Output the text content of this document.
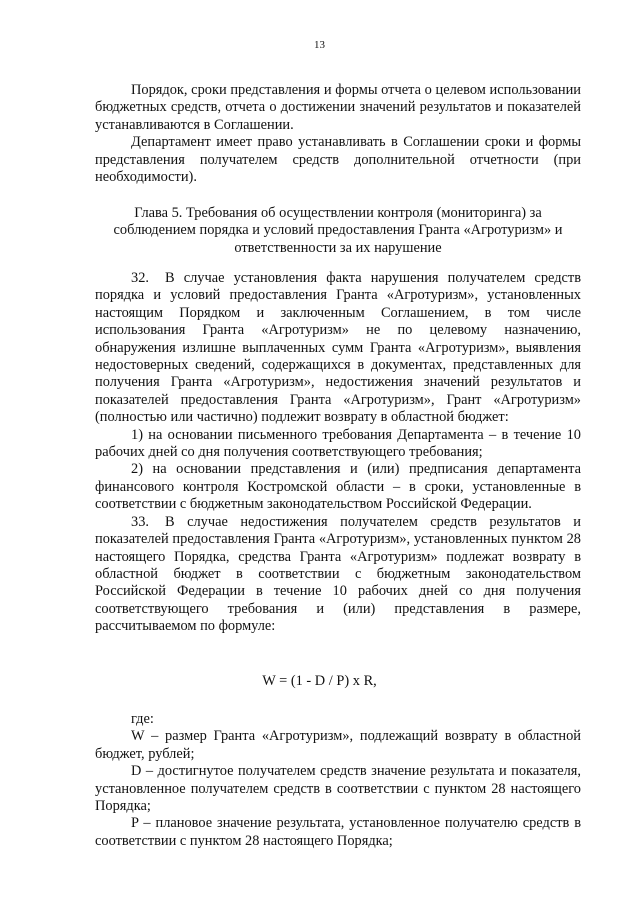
13

Порядок, сроки представления и формы отчета о целевом использовании бюджетных средств, отчета о достижении значений результатов и показателей устанавливаются в Соглашении.

Департамент имеет право устанавливать в Соглашении сроки и формы представления получателем средств дополнительной отчетности (при необходимости).

Глава 5. Требования об осуществлении контроля (мониторинга) за

соблюдением порядка и условий предоставления Гранта «Агротуризм» и

ответственности за их нарушение

32. В случае установления факта нарушения получателем средств порядка и условий предоставления Гранта «Агротуризм», установленных настоящим Порядком и заключенным Соглашением, в том числе использования Гранта «Агротуризм» не по целевому назначению, обнаружения излишне выплаченных сумм Гранта «Агротуризм», выявления недостоверных сведений, содержащихся в документах, представленных для получения Гранта «Агротуризм», недостижения значений результатов и показателей предоставления Гранта «Агротуризм», Грант «Агротуризм» (полностью или частично) подлежит возврату в областной бюджет:

1) на основании письменного требования Департамента – в течение 10 рабочих дней со дня получения соответствующего требования;

2) на основании представления и (или) предписания департамента финансового контроля Костромской области – в сроки, установленные в соответствии с бюджетным законодательством Российской Федерации.

33. В случае недостижения получателем средств результатов и показателей предоставления Гранта «Агротуризм», установленных пунктом 28 настоящего Порядка, средства Гранта «Агротуризм» подлежат возврату в областной бюджет в соответствии с бюджетным законодательством Российской Федерации в течение 10 рабочих дней со дня получения соответствующего требования и (или) представления в размере, рассчитываемом по формуле:

W = (1 - D / P) x R,

где:

W – размер Гранта «Агротуризм», подлежащий возврату в областной бюджет, рублей;

D – достигнутое получателем средств значение результата и показателя, установленное получателем средств в соответствии с пунктом 28 настоящего Порядка;

P – плановое значение результата, установленное получателю средств в соответствии с пунктом 28 настоящего Порядка;
